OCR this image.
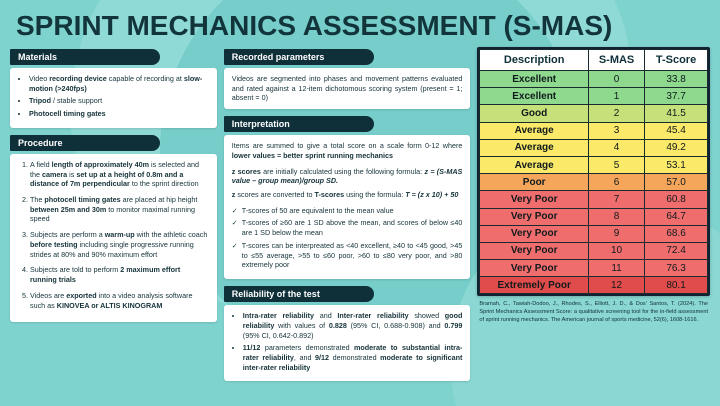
SPRINT MECHANICS ASSESSMENT (S-MAS)
Materials
• Video recording device capable of recording at slow-motion (>240fps)
• Tripod / stable support
• Photocell timing gates
Procedure
1. A field length of approximately 40m is selected and the camera is set up at a height of 0.8m and a distance of 7m perpendicular to the sprint direction
2. The photocell timing gates are placed at hip height between 25m and 30m to monitor maximal running speed
3. Subjects are perform a warm-up with the athletic coach before testing including single progressive running strides at 80% and 90% maximum effort
4. Subjects are told to perform 2 maximum effort running trials
5. Videos are exported into a video analysis software such as KINOVEA or ALTIS KINOGRAM
Recorded parameters
Videos are segmented into phases and movement patterns evaluated and rated against a 12-item dichotomous scoring system (present = 1; absent = 0)
Interpretation
Items are summed to give a total score on a scale form 0-12 where lower values = better sprint running mechanics
z scores are initially calculated using the following formula: z = (S-MAS value – group mean)/group SD.
z scores are converted to T-scores using the formula: T = (z x 10) + 50
✓ T-scores of 50 are equivalent to the mean value
✓ T-scores of ≥60 are 1 SD above the mean, and scores of below ≤40 are 1 SD below the mean
✓ T-scores can be interpreated as <40 excellent, ≥40 to <45 good, >45 to ≤55 average, >55 to ≤60 poor, >60 to ≤80 very poor, and >80 extremely poor
Reliability of the test
• Intra-rater reliability and Inter-rater reliability showed good reliability with values of 0.828 (95% CI, 0.688-0.908) and 0.799 (95% CI, 0.642-0.892)
• 11/12 parameters demonstrated moderate to substantial intra-rater reliability, and 9/12 demonstrated moderate to significant inter-rater reliability
Description	S-MAS	T-Score
Excellent	0	33.8
Excellent	1	37.7
Good	2	41.5
Average	3	45.4
Average	4	49.2
Average	5	53.1
Poor	6	57.0
Very Poor	7	60.8
Very Poor	8	64.7
Very Poor	9	68.6
Very Poor	10	72.4
Very Poor	11	76.3
Extremely Poor	12	80.1
Bramah, C., Tawiah-Dodoo, J., Rhodes, S., Elliott, J. D., & Dos’ Santos, T. (2024). The Sprint Mechanics Assessment Score: a qualitative screening tool for the in-field assessment of sprint running mechanics. The American journal of sports medicine, 52(6), 1608-1616.
